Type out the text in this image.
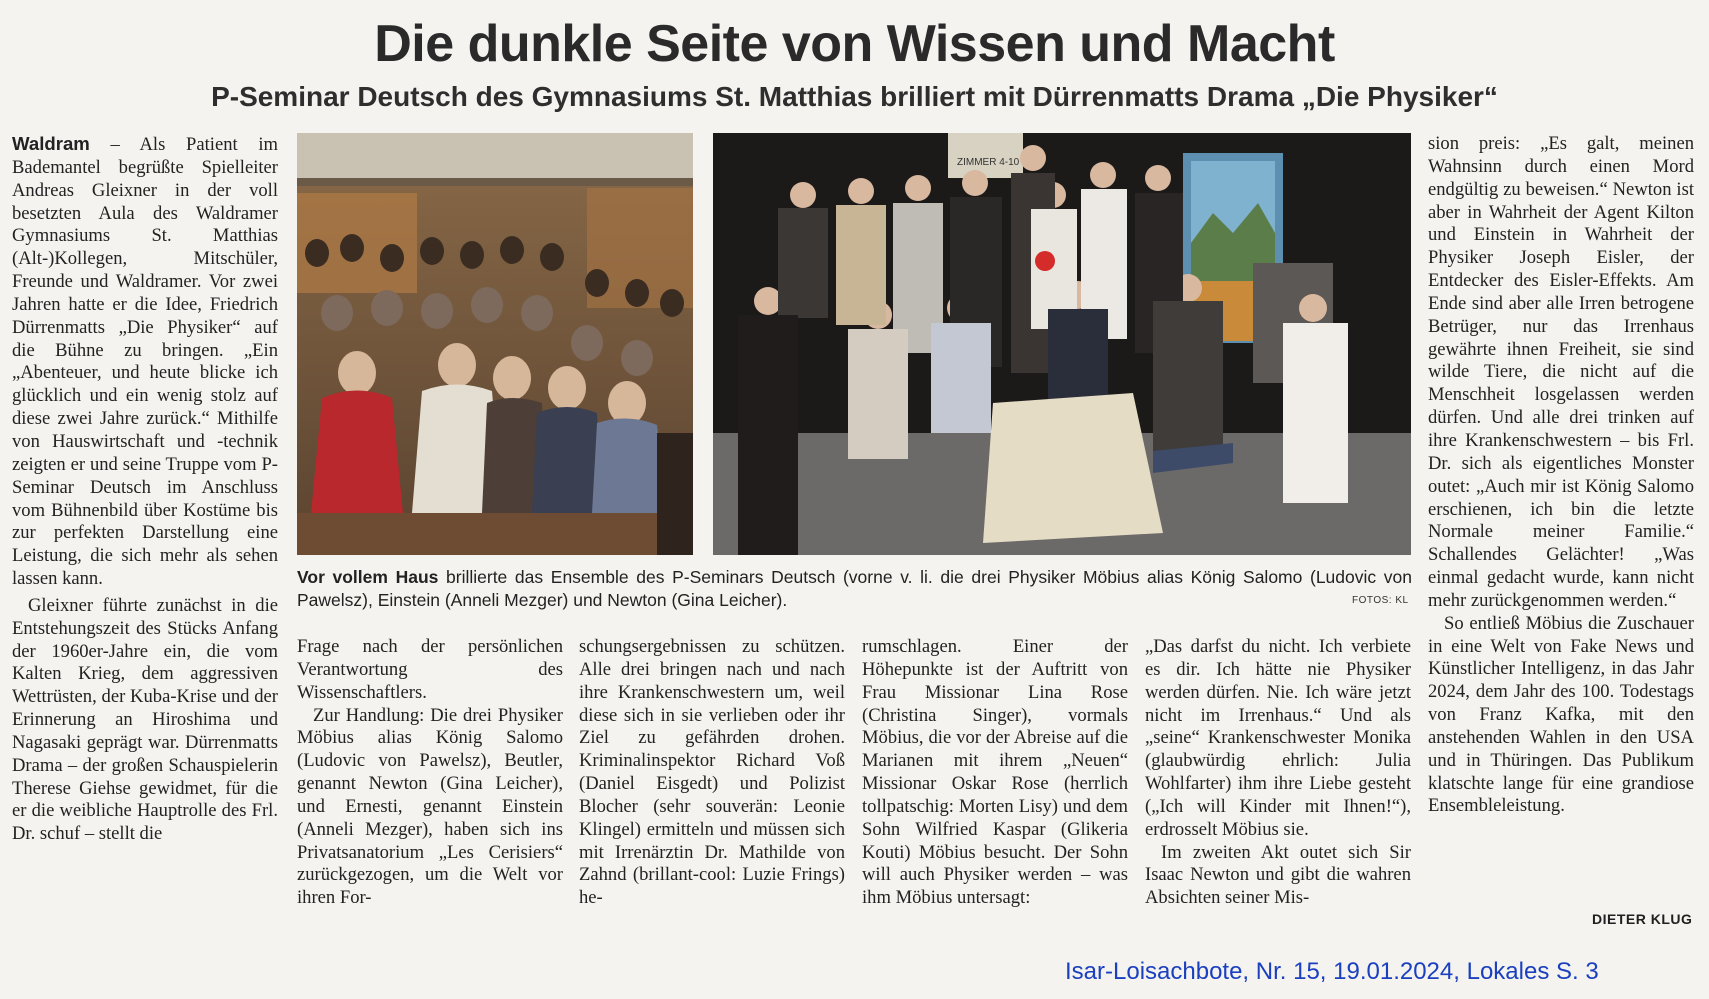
Die dunkle Seite von Wissen und Macht
P-Seminar Deutsch des Gymnasiums St. Matthias brilliert mit Dürrenmatts Drama „Die Physiker“

Waldram – Als Patient im Bademantel begrüßte Spielleiter Andreas Gleixner in der voll besetzten Aula des Waldramer Gymnasiums St. Matthias (Alt-)Kollegen, Mitschüler, Freunde und Waldramer. Vor zwei Jahren hatte er die Idee, Friedrich Dürrenmatts „Die Physiker“ auf die Bühne zu bringen. „Ein „Abenteuer, und heute blicke ich glücklich und ein wenig stolz auf diese zwei Jahre zurück.“ Mithilfe von Hauswirtschaft und -technik zeigten er und seine Truppe vom P-Seminar Deutsch im Anschluss vom Bühnenbild über Kostüme bis zur perfekten Darstellung eine Leistung, die sich mehr als sehen lassen kann.

Gleixner führte zunächst in die Entstehungszeit des Stücks Anfang der 1960er-Jahre ein, die vom Kalten Krieg, dem aggressiven Wettrüsten, der Kuba-Krise und der Erinnerung an Hiroshima und Nagasaki geprägt war. Dürrenmatts Drama – der großen Schauspielerin Therese Giehse gewidmet, für die er die weibliche Hauptrolle des Frl. Dr. schuf – stellt die

ZIMMER 4-10
Vor vollem Haus brillierte das Ensemble des P-Seminars Deutsch (vorne v. li. die drei Physiker Möbius alias König Salomo (Ludovic von Pawelsz), Einstein (Anneli Mezger) und Newton (Gina Leicher).	FOTOS: KL

Frage nach der persönlichen Verantwortung des Wissenschaftlers.

Zur Handlung: Die drei Physiker Möbius alias König Salomo (Ludovic von Pawelsz), Beutler, genannt Newton (Gina Leicher), und Ernesti, genannt Einstein (Anneli Mezger), haben sich ins Privatsanatorium „Les Cerisiers“ zurückgezogen, um die Welt vor ihren For-

schungsergebnissen zu schützen. Alle drei bringen nach und nach ihre Krankenschwestern um, weil diese sich in sie verlieben oder ihr Ziel zu gefährden drohen. Kriminalinspektor Richard Voß (Daniel Eisgedt) und Polizist Blocher (sehr souverän: Leonie Klingel) ermitteln und müssen sich mit Irrenärztin Dr. Mathilde von Zahnd (brillant-cool: Luzie Frings) he-

rumschlagen. Einer der Höhepunkte ist der Auftritt von Frau Missionar Lina Rose (Christina Singer), vormals Möbius, die vor der Abreise auf die Marianen mit ihrem „Neuen“ Missionar Oskar Rose (herrlich tollpatschig: Morten Lisy) und dem Sohn Wilfried Kaspar (Glikeria Kouti) Möbius besucht. Der Sohn will auch Physiker werden – was ihm Möbius untersagt:

„Das darfst du nicht. Ich verbiete es dir. Ich hätte nie Physiker werden dürfen. Nie. Ich wäre jetzt nicht im Irrenhaus.“ Und als „seine“ Krankenschwester Monika (glaubwürdig ehrlich: Julia Wohlfarter) ihm ihre Liebe gesteht („Ich will Kinder mit Ihnen!“), erdrosselt Möbius sie.

Im zweiten Akt outet sich Sir Isaac Newton und gibt die wahren Absichten seiner Mis-

sion preis: „Es galt, meinen Wahnsinn durch einen Mord endgültig zu beweisen.“ Newton ist aber in Wahrheit der Agent Kilton und Einstein in Wahrheit der Physiker Joseph Eisler, der Entdecker des Eisler-Effekts. Am Ende sind aber alle Irren betrogene Betrüger, nur das Irrenhaus gewährte ihnen Freiheit, sie sind wilde Tiere, die nicht auf die Menschheit losgelassen werden dürfen. Und alle drei trinken auf ihre Krankenschwestern – bis Frl. Dr. sich als eigentliches Monster outet: „Auch mir ist König Salomo erschienen, ich bin die letzte Normale meiner Familie.“ Schallendes Gelächter! „Was einmal gedacht wurde, kann nicht mehr zurückgenommen werden.“

So entließ Möbius die Zuschauer in eine Welt von Fake News und Künstlicher Intelligenz, in das Jahr 2024, dem Jahr des 100. Todestags von Franz Kafka, mit den anstehenden Wahlen in den USA und in Thüringen. Das Publikum klatschte lange für eine grandiose Ensembleleistung.

DIETER KLUG
Isar-Loisachbote, Nr. 15, 19.01.2024, Lokales S. 3
